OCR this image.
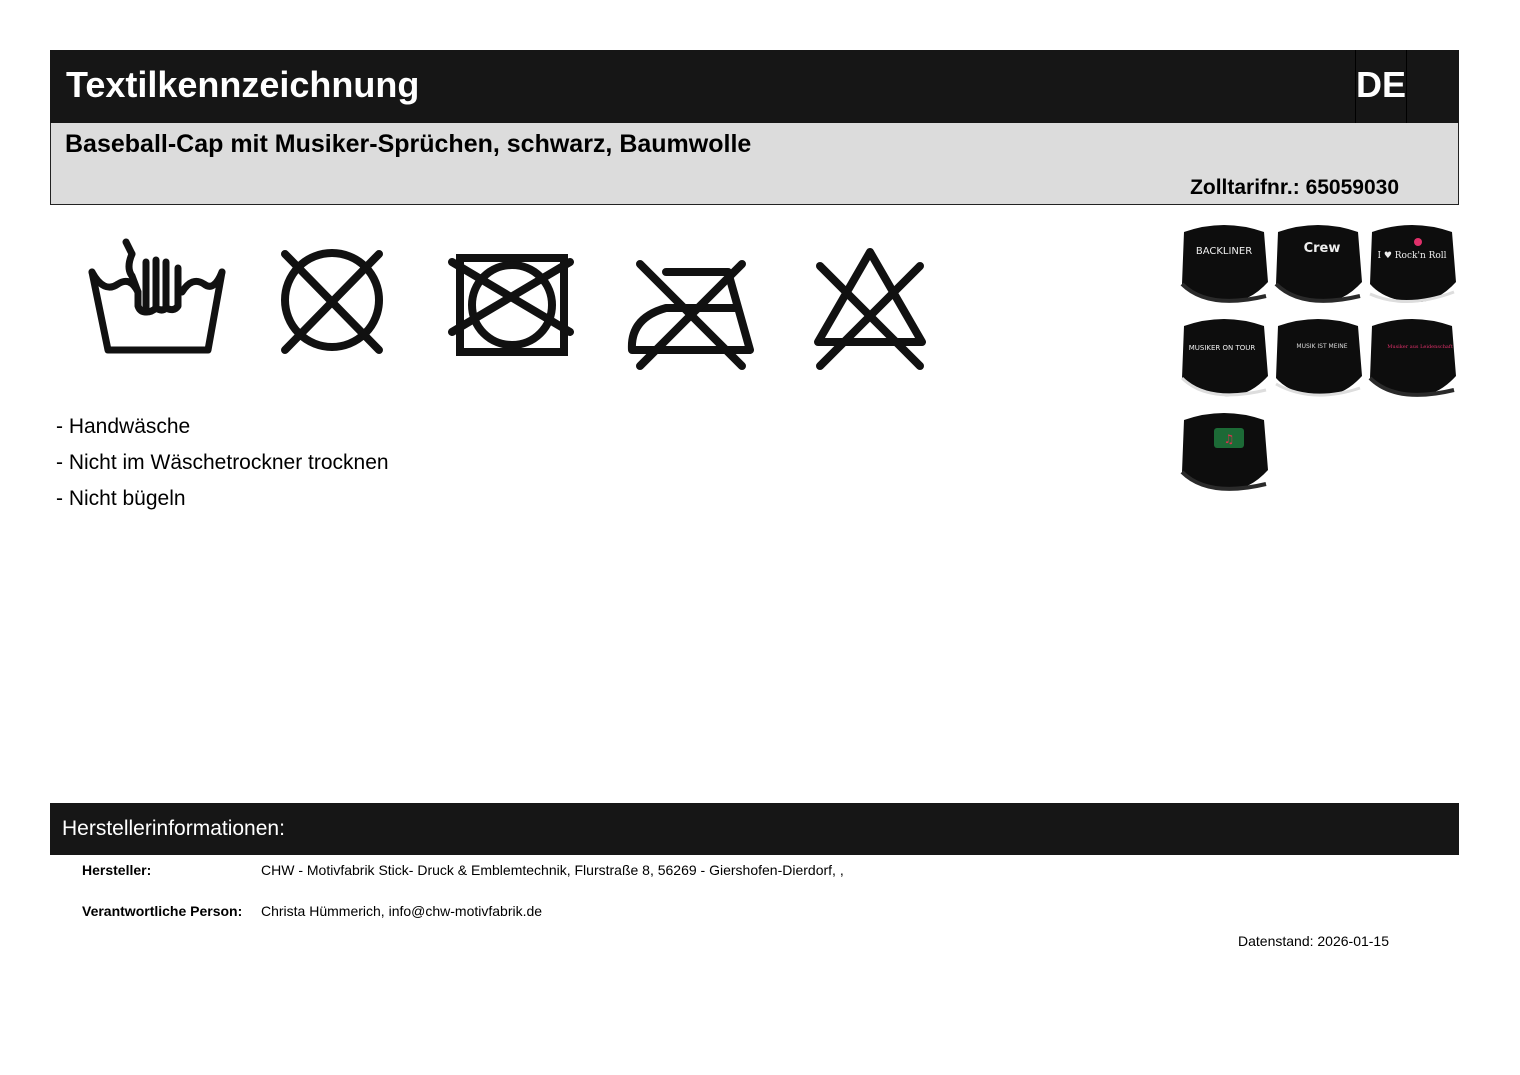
Textilkennzeichnung	DE
Baseball-Cap mit Musiker-Sprüchen, schwarz, Baumwolle
Zolltarifnr.: 65059030
- Handwäsche
- Nicht im Wäschetrockner trocknen
- Nicht bügeln
BACKLINER	Crew	I ♥ Rock'n Roll
MUSIKER ON TOUR	MUSIK IST MEINE	Musiker aus Leidenschaft
♫
Herstellerinformationen:
Hersteller:	CHW - Motivfabrik Stick- Druck & Emblemtechnik, Flurstraße 8, 56269 - Giershofen-Dierdorf, ,
Verantwortliche Person: Christa Hümmerich, info@chw-motivfabrik.de
Datenstand: 2026-01-15
